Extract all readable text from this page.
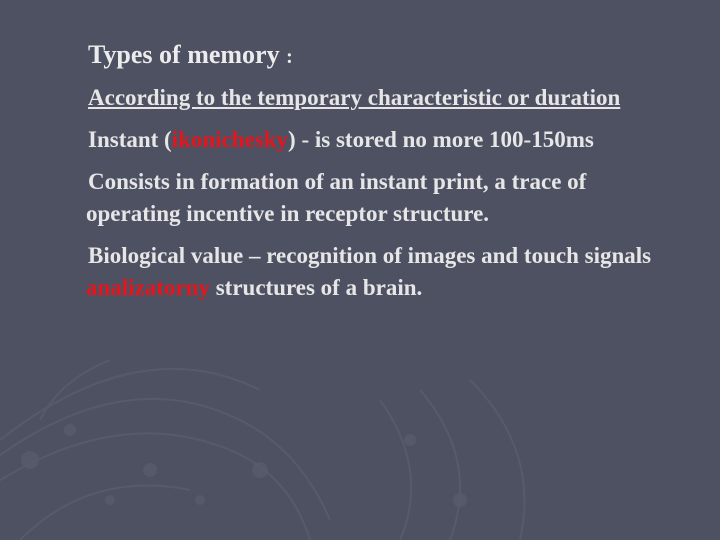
Types of memory :
According to the temporary characteristic or duration
Instant (ikonichesky) - is stored no more 100-150ms
Consists in formation of an instant print, a trace of operating incentive in receptor structure.
Biological value – recognition of images and touch signals analizatorny structures of a brain.
